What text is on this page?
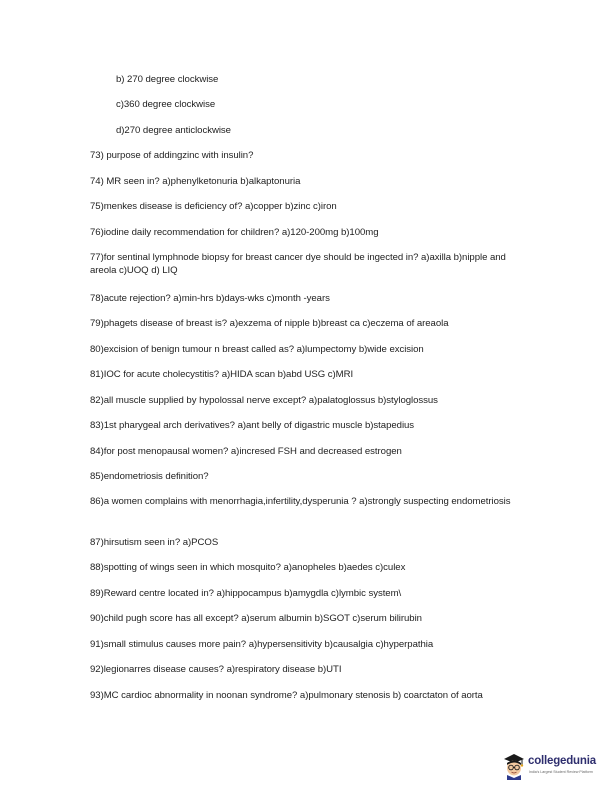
b) 270 degree clockwise
c)360 degree clockwise
d)270 degree anticlockwise
73) purpose of addingzinc with insulin?
74) MR seen in? a)phenylketonuria b)alkaptonuria
75)menkes disease is deficiency of? a)copper b)zinc c)iron
76)iodine daily recommendation for children? a)120-200mg b)100mg
77)for sentinal lymphnode biopsy for breast cancer dye should be ingected in? a)axilla b)nipple and areola c)UOQ d) LIQ
78)acute rejection? a)min-hrs b)days-wks c)month -years
79)phagets disease of breast is? a)exzema of nipple b)breast ca c)eczema of areaola
80)excision of benign tumour n breast called as? a)lumpectomy b)wide excision
81)IOC for acute cholecystitis? a)HIDA scan b)abd USG c)MRI
82)all muscle supplied by hypolossal nerve except? a)palatoglossus b)styloglossus
83)1st pharygeal arch derivatives? a)ant belly of digastric muscle b)stapedius
84)for post menopausal women? a)incresed FSH and decreased estrogen
85)endometriosis definition?
86)a women complains with menorrhagia,infertility,dysperunia ? a)strongly suspecting endometriosis
87)hirsutism seen in? a)PCOS
88)spotting of wings seen in which mosquito? a)anopheles b)aedes c)culex
89)Reward centre located in? a)hippocampus b)amygdla c)lymbic system\
90)child pugh score has all except? a)serum albumin b)SGOT c)serum bilirubin
91)small stimulus causes more pain? a)hypersensitivity b)causalgia c)hyperpathia
92)legionarres disease causes? a)respiratory disease b)UTI
93)MC cardioc abnormality in noonan syndrome? a)pulmonary stenosis b) coarctaton of aorta
collegedunia
India's Largest Student Review Platform
